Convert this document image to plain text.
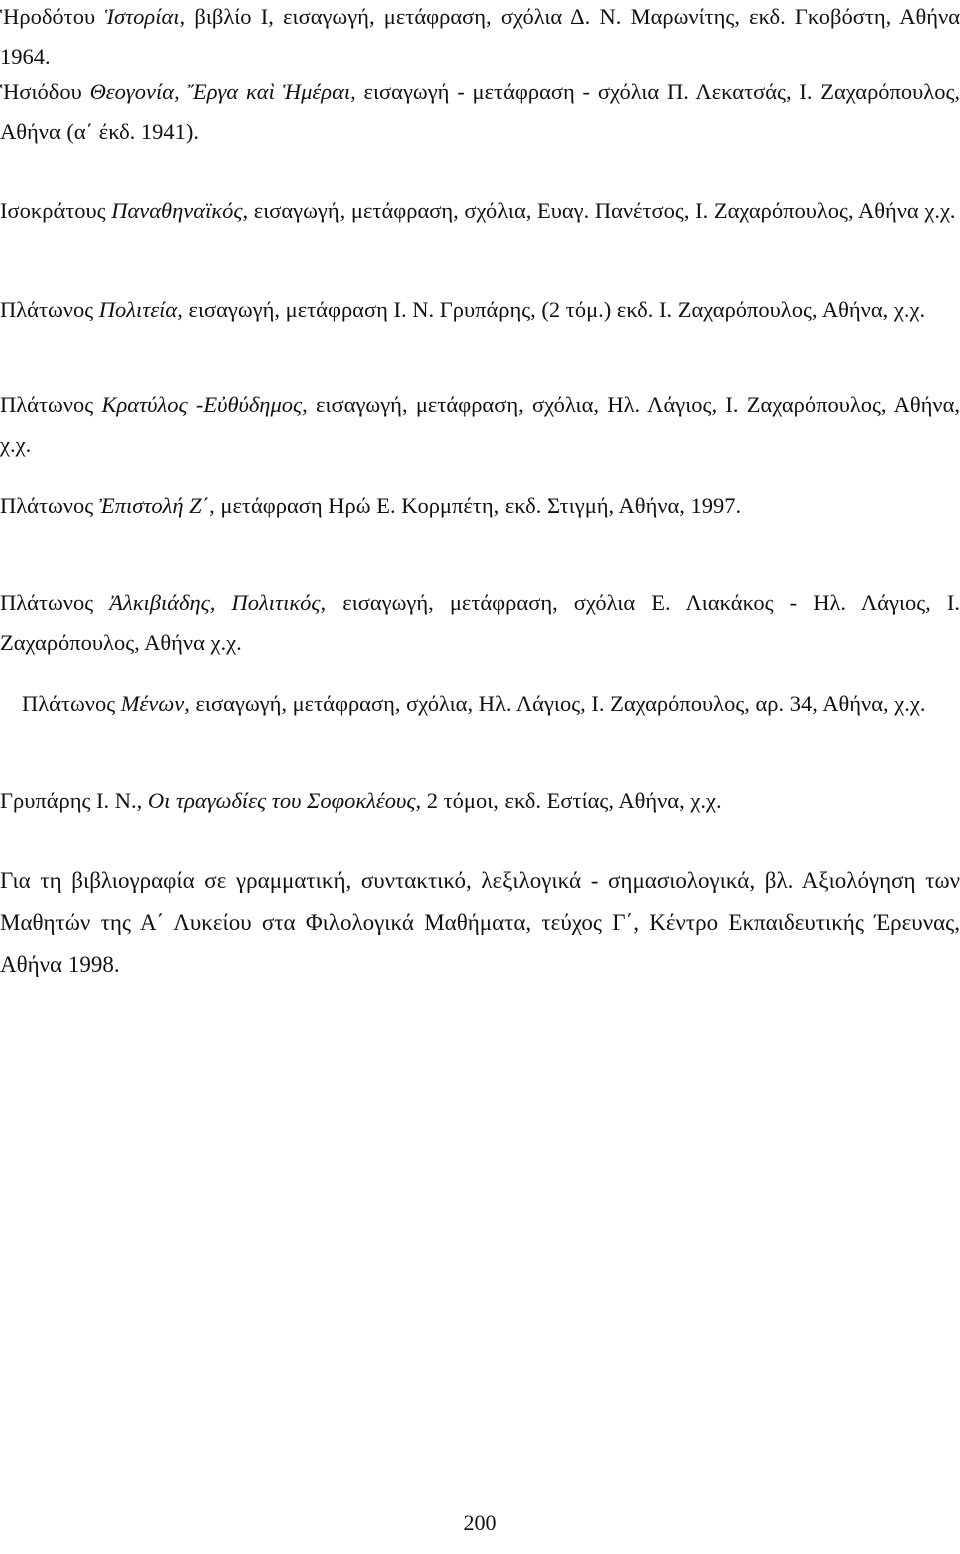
Ἡροδότου Ἱστορίαι, βιβλίο Ι, εισαγωγή, μετάφραση, σχόλια Δ. Ν. Μαρωνίτης, εκδ. Γκοβόστη, Αθήνα 1964.

Ἡσιόδου Θεογονία, Ἔργα καὶ Ἡμέραι, εισαγωγή - μετάφραση - σχόλια Π. Λεκατσάς, Ι. Ζαχαρόπουλος, Αθήνα (α΄ έκδ. 1941).

Ισοκράτους Παναθηναϊκός, εισαγωγή, μετάφραση, σχόλια, Ευαγ. Πανέτσος, Ι. Ζαχαρόπουλος, Αθήνα χ.χ.

Πλάτωνος Πολιτεία, εισαγωγή, μετάφραση Ι. Ν. Γρυπάρης, (2 τόμ.) εκδ. Ι. Ζαχαρόπουλος, Αθήνα, χ.χ.

Πλάτωνος Κρατύλος -Εὐθύδημος, εισαγωγή, μετάφραση, σχόλια, Ηλ. Λάγιος, Ι. Ζαχαρόπουλος, Αθήνα, χ.χ.

Πλάτωνος Ἐπιστολή Ζ΄, μετάφραση Ηρώ Ε. Κορμπέτη, εκδ. Στιγμή, Αθήνα, 1997.

Πλάτωνος Ἀλκιβιάδης, Πολιτικός, εισαγωγή, μετάφραση, σχόλια Ε. Λιακάκος - Ηλ. Λάγιος, Ι. Ζαχαρόπουλος, Αθήνα χ.χ.

Πλάτωνος Μένων, εισαγωγή, μετάφραση, σχόλια, Ηλ. Λάγιος, Ι. Ζαχαρόπουλος, αρ. 34, Αθήνα, χ.χ.

Γρυπάρης Ι. Ν., Οι τραγωδίες του Σοφοκλέους, 2 τόμοι, εκδ. Εστίας, Αθήνα, χ.χ.

Για τη βιβλιογραφία σε γραμματική, συντακτικό, λεξιλογικά - σημασιολογικά, βλ. Αξιολόγηση των Μαθητών της Α΄ Λυκείου στα Φιλολογικά Μαθήματα, τεύχος Γ΄, Κέντρο Εκπαιδευτικής Έρευνας, Αθήνα 1998.

200
